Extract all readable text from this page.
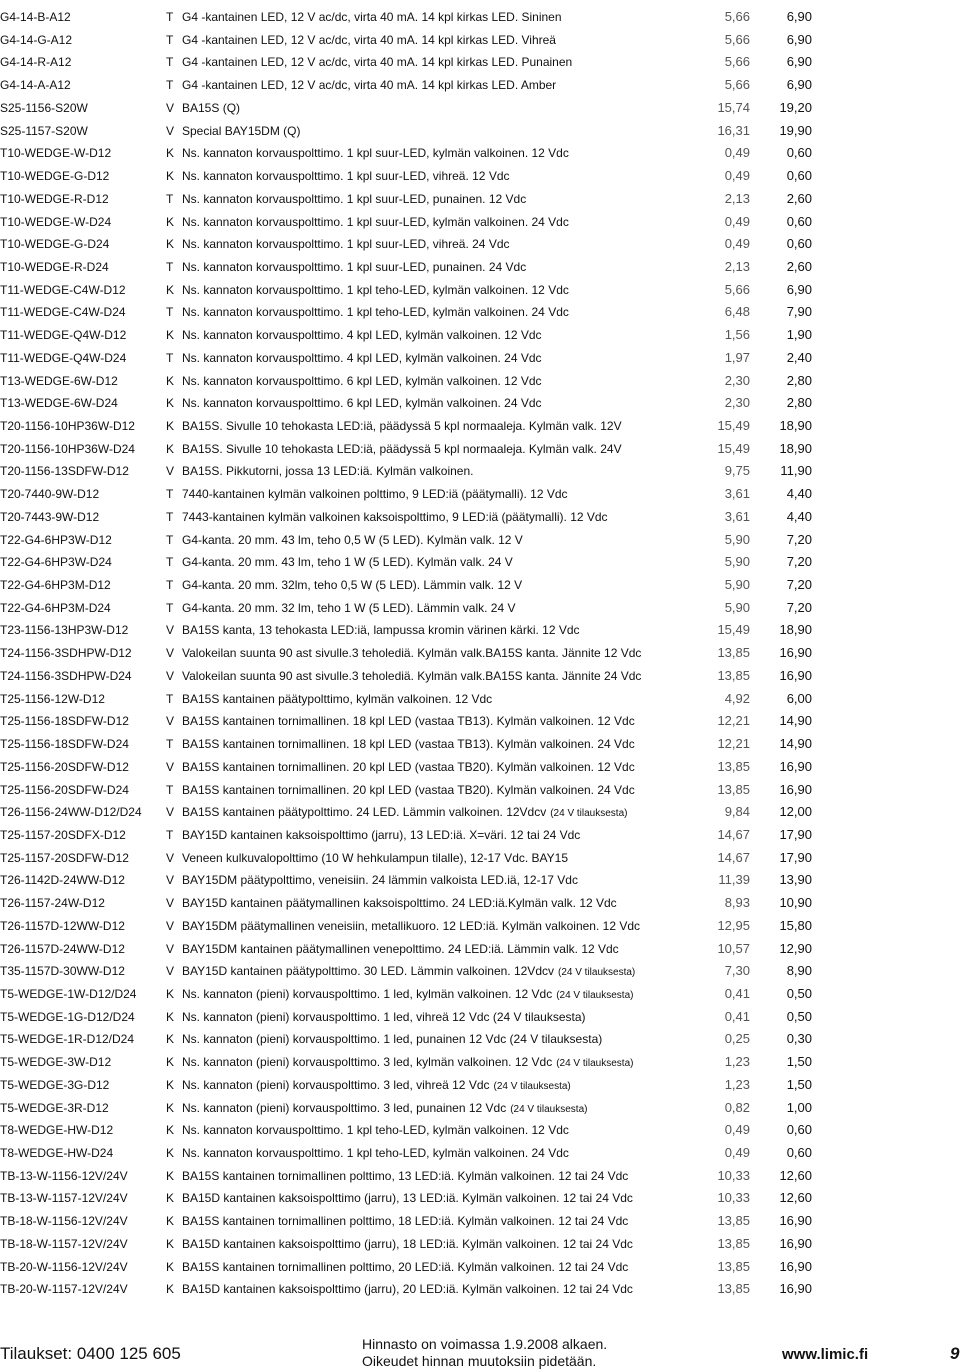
G4-14-B-A12	T G4 -kantainen LED, 12 V ac/dc, virta 40 mA. 14 kpl kirkas LED. Sininen	5,66	6,90
G4-14-G-A12	T G4 -kantainen LED, 12 V ac/dc, virta 40 mA. 14 kpl kirkas LED. Vihreä	5,66	6,90
G4-14-R-A12	T G4 -kantainen LED, 12 V ac/dc, virta 40 mA. 14 kpl kirkas LED. Punainen	5,66	6,90
G4-14-A-A12	T G4 -kantainen LED, 12 V ac/dc, virta 40 mA. 14 kpl kirkas LED. Amber	5,66	6,90
S25-1156-S20W	V BA15S (Q)	15,74 19,20
S25-1157-S20W	V Special BAY15DM (Q)	16,31 19,90
T10-WEDGE-W-D12	K Ns. kannaton korvauspolttimo. 1 kpl suur-LED, kylmän valkoinen. 12 Vdc	0,49	0,60
T10-WEDGE-G-D12	K Ns. kannaton korvauspolttimo. 1 kpl suur-LED, vihreä. 12 Vdc	0,49	0,60
T10-WEDGE-R-D12	T Ns. kannaton korvauspolttimo. 1 kpl suur-LED, punainen. 12 Vdc	2,13	2,60
T10-WEDGE-W-D24	K Ns. kannaton korvauspolttimo. 1 kpl suur-LED, kylmän valkoinen. 24 Vdc	0,49	0,60
T10-WEDGE-G-D24	K Ns. kannaton korvauspolttimo. 1 kpl suur-LED, vihreä. 24 Vdc	0,49	0,60
T10-WEDGE-R-D24	T Ns. kannaton korvauspolttimo. 1 kpl suur-LED, punainen. 24 Vdc	2,13	2,60
T11-WEDGE-C4W-D12	K Ns. kannaton korvauspolttimo. 1 kpl teho-LED, kylmän valkoinen. 12 Vdc	5,66	6,90
T11-WEDGE-C4W-D24	T Ns. kannaton korvauspolttimo. 1 kpl teho-LED, kylmän valkoinen. 24 Vdc	6,48	7,90
T11-WEDGE-Q4W-D12	K Ns. kannaton korvauspolttimo. 4 kpl LED, kylmän valkoinen. 12 Vdc	1,56	1,90
T11-WEDGE-Q4W-D24	T Ns. kannaton korvauspolttimo. 4 kpl LED, kylmän valkoinen. 24 Vdc	1,97	2,40
T13-WEDGE-6W-D12	K Ns. kannaton korvauspolttimo. 6 kpl LED, kylmän valkoinen. 12 Vdc	2,30	2,80
T13-WEDGE-6W-D24	K Ns. kannaton korvauspolttimo. 6 kpl LED, kylmän valkoinen. 24 Vdc	2,30	2,80
T20-1156-10HP36W-D12	K BA15S. Sivulle 10 tehokasta LED:iä, päädyssä 5 kpl normaaleja. Kylmän valk. 12V	15,49 18,90
T20-1156-10HP36W-D24	K BA15S. Sivulle 10 tehokasta LED:iä, päädyssä 5 kpl normaaleja. Kylmän valk. 24V	15,49 18,90
T20-1156-13SDFW-D12	V BA15S. Pikkutorni, jossa 13 LED:iä. Kylmän valkoinen.	9,75 11,90
T20-7440-9W-D12	T 7440-kantainen kylmän valkoinen polttimo, 9 LED:iä (päätymalli). 12 Vdc	3,61	4,40
T20-7443-9W-D12	T 7443-kantainen kylmän valkoinen kaksoispolttimo, 9 LED:iä (päätymalli). 12 Vdc	3,61	4,40
T22-G4-6HP3W-D12	T G4-kanta. 20 mm. 43 lm, teho 0,5 W (5 LED). Kylmän valk. 12 V	5,90	7,20
T22-G4-6HP3W-D24	T G4-kanta. 20 mm. 43 lm, teho 1 W (5 LED). Kylmän valk. 24 V	5,90	7,20
T22-G4-6HP3M-D12	T G4-kanta. 20 mm. 32lm, teho 0,5 W (5 LED). Lämmin valk. 12 V	5,90	7,20
T22-G4-6HP3M-D24	T G4-kanta. 20 mm. 32 lm, teho 1 W (5 LED). Lämmin valk. 24 V	5,90	7,20
T23-1156-13HP3W-D12	V BA15S kanta, 13 tehokasta LED:iä, lampussa kromin värinen kärki. 12 Vdc	15,49 18,90
T24-1156-3SDHPW-D12	V Valokeilan suunta 90 ast sivulle.3 teholediä. Kylmän valk.BA15S kanta. Jännite 12 Vdc	13,85 16,90
T24-1156-3SDHPW-D24	V Valokeilan suunta 90 ast sivulle.3 teholediä. Kylmän valk.BA15S kanta. Jännite 24 Vdc	13,85 16,90
T25-1156-12W-D12	T BA15S kantainen päätypolttimo, kylmän valkoinen. 12 Vdc	4,92	6,00
T25-1156-18SDFW-D12	V BA15S kantainen tornimallinen. 18 kpl LED (vastaa TB13). Kylmän valkoinen. 12 Vdc	12,21 14,90
T25-1156-18SDFW-D24	T BA15S kantainen tornimallinen. 18 kpl LED (vastaa TB13). Kylmän valkoinen. 24 Vdc	12,21 14,90
T25-1156-20SDFW-D12	V BA15S kantainen tornimallinen. 20 kpl LED (vastaa TB20). Kylmän valkoinen. 12 Vdc	13,85 16,90
T25-1156-20SDFW-D24	T BA15S kantainen tornimallinen. 20 kpl LED (vastaa TB20). Kylmän valkoinen. 24 Vdc	13,85 16,90
T26-1156-24WW-D12/D24 V BA15S kantainen päätypolttimo. 24 LED. Lämmin valkoinen. 12Vdcv (24 V tilauksesta)	9,84 12,00
T25-1157-20SDFX-D12	T BAY15D kantainen kaksoispolttimo (jarru), 13 LED:iä. X=väri. 12 tai 24 Vdc	14,67 17,90
T25-1157-20SDFW-D12	V Veneen kulkuvalopolttimo (10 W hehkulampun tilalle), 12-17 Vdc. BAY15	14,67 17,90
T26-1142D-24WW-D12	V BAY15DM päätypolttimo, veneisiin. 24 lämmin valkoista LED.iä, 12-17 Vdc	11,39 13,90
T26-1157-24W-D12	V BAY15D kantainen päätymallinen kaksoispolttimo. 24 LED:iä.Kylmän valk. 12 Vdc	8,93 10,90
T26-1157D-12WW-D12	V BAY15DM päätymallinen veneisiin, metallikuoro. 12 LED:iä. Kylmän valkoinen. 12 Vdc	12,95 15,80
T26-1157D-24WW-D12	V BAY15DM kantainen päätymallinen venepolttimo. 24 LED:iä. Lämmin valk. 12 Vdc	10,57 12,90
T35-1157D-30WW-D12	V BAY15D kantainen päätypolttimo. 30 LED. Lämmin valkoinen. 12Vdcv (24 V tilauksesta)	7,30	8,90
T5-WEDGE-1W-D12/D24 K Ns. kannaton (pieni) korvauspolttimo. 1 led, kylmän valkoinen. 12 Vdc (24 V tilauksesta)	0,41	0,50
T5-WEDGE-1G-D12/D24	K Ns. kannaton (pieni) korvauspolttimo. 1 led, vihreä 12 Vdc (24 V tilauksesta)	0,41	0,50
T5-WEDGE-1R-D12/D24	K Ns. kannaton (pieni) korvauspolttimo. 1 led, punainen 12 Vdc (24 V tilauksesta)	0,25	0,30
T5-WEDGE-3W-D12	K Ns. kannaton (pieni) korvauspolttimo. 3 led, kylmän valkoinen. 12 Vdc (24 V tilauksesta)	1,23	1,50
T5-WEDGE-3G-D12	K Ns. kannaton (pieni) korvauspolttimo. 3 led, vihreä 12 Vdc (24 V tilauksesta)	1,23	1,50
T5-WEDGE-3R-D12	K Ns. kannaton (pieni) korvauspolttimo. 3 led, punainen 12 Vdc (24 V tilauksesta)	0,82	1,00
T8-WEDGE-HW-D12	K Ns. kannaton korvauspolttimo. 1 kpl teho-LED, kylmän valkoinen. 12 Vdc	0,49	0,60
T8-WEDGE-HW-D24	K Ns. kannaton korvauspolttimo. 1 kpl teho-LED, kylmän valkoinen. 24 Vdc	0,49	0,60
TB-13-W-1156-12V/24V	K BA15S kantainen tornimallinen polttimo, 13 LED:iä. Kylmän valkoinen. 12 tai 24 Vdc	10,33 12,60
TB-13-W-1157-12V/24V	K BA15D kantainen kaksoispolttimo (jarru), 13 LED:iä. Kylmän valkoinen. 12 tai 24 Vdc	10,33 12,60
TB-18-W-1156-12V/24V	K BA15S kantainen tornimallinen polttimo, 18 LED:iä. Kylmän valkoinen. 12 tai 24 Vdc	13,85 16,90
TB-18-W-1157-12V/24V	K BA15D kantainen kaksoispolttimo (jarru), 18 LED:iä. Kylmän valkoinen. 12 tai 24 Vdc	13,85 16,90
TB-20-W-1156-12V/24V	K BA15S kantainen tornimallinen polttimo, 20 LED:iä. Kylmän valkoinen. 12 tai 24 Vdc	13,85 16,90
TB-20-W-1157-12V/24V	K BA15D kantainen kaksoispolttimo (jarru), 20 LED:iä. Kylmän valkoinen. 12 tai 24 Vdc	13,85 16,90
Tilaukset: 0400 125 605	Hinnasto on voimassa 1.9.2008 alkaen.
Oikeudet hinnan muutoksiin pidetään.	www.limic.fi	9
